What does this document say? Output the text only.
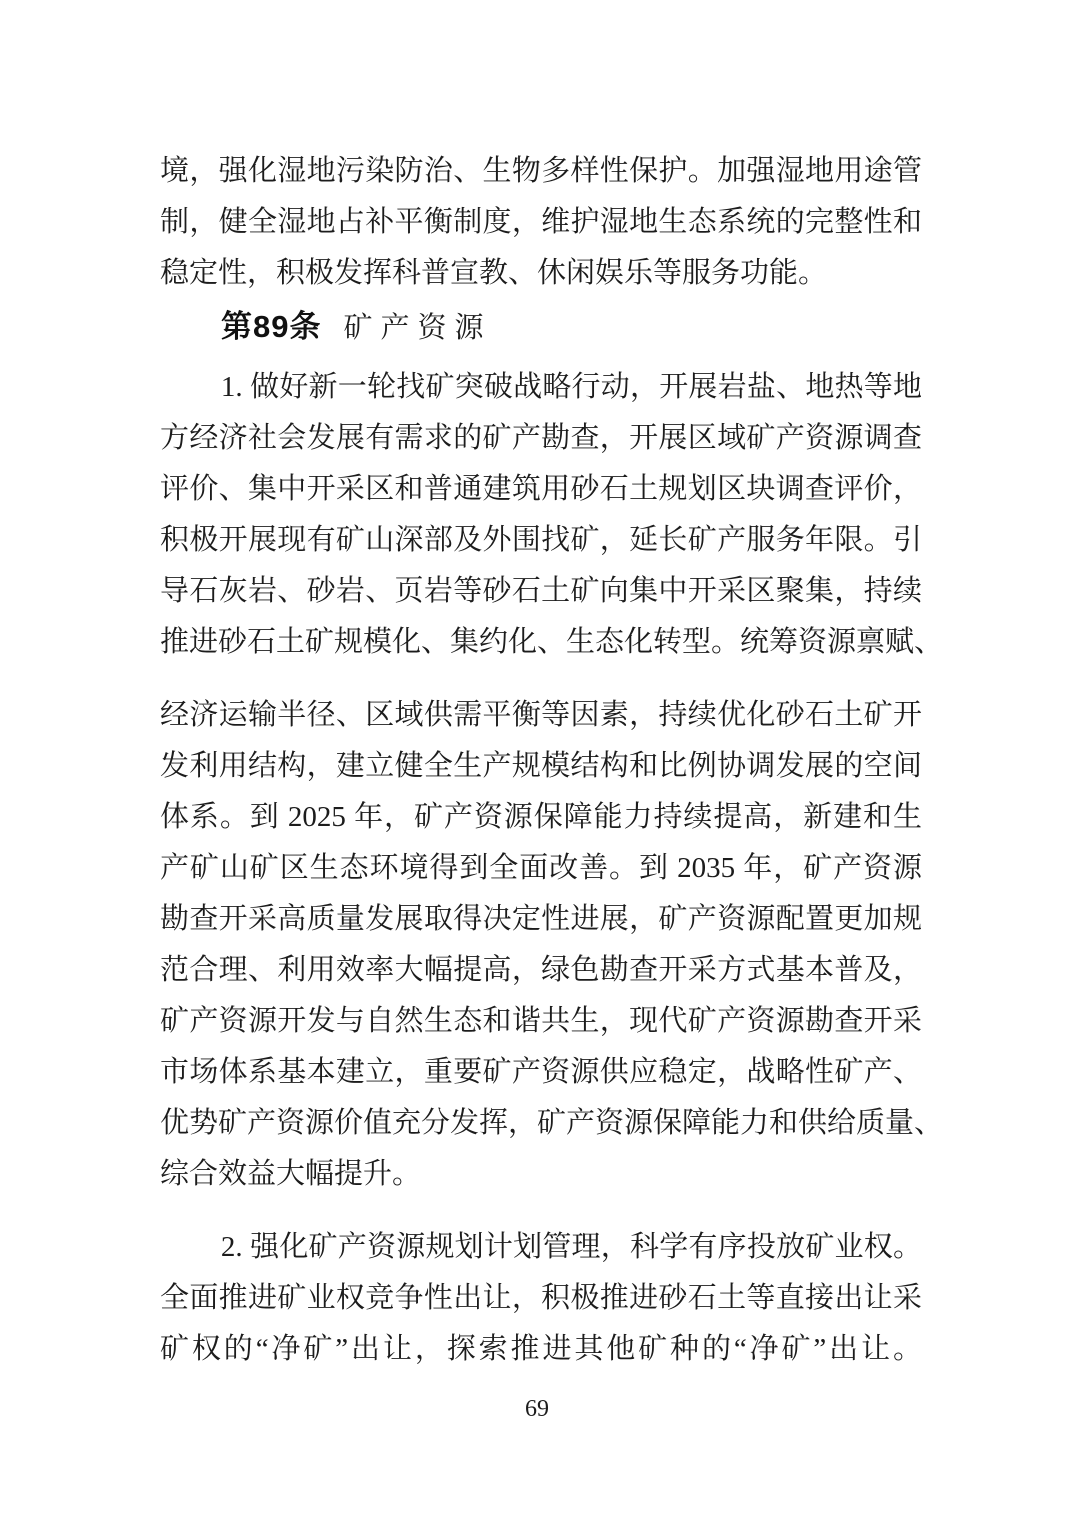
境，强化湿地污染防治、生物多样性保护。加强湿地用途管
制，健全湿地占补平衡制度，维护湿地生态系统的完整性和
稳定性，积极发挥科普宣教、休闲娱乐等服务功能。
第89条 矿产资源
1. 做好新一轮找矿突破战略行动，开展岩盐、地热等地
方经济社会发展有需求的矿产勘查，开展区域矿产资源调查
评价、集中开采区和普通建筑用砂石土规划区块调查评价，
积极开展现有矿山深部及外围找矿，延长矿产服务年限。引
导石灰岩、砂岩、页岩等砂石土矿向集中开采区聚集，持续
推进砂石土矿规模化、集约化、生态化转型。统筹资源禀赋、
经济运输半径、区域供需平衡等因素，持续优化砂石土矿开
发利用结构，建立健全生产规模结构和比例协调发展的空间
体系。到 2025 年，矿产资源保障能力持续提高，新建和生
产矿山矿区生态环境得到全面改善。到 2035 年，矿产资源
勘查开采高质量发展取得决定性进展，矿产资源配置更加规
范合理、利用效率大幅提高，绿色勘查开采方式基本普及，
矿产资源开发与自然生态和谐共生，现代矿产资源勘查开采
市场体系基本建立，重要矿产资源供应稳定，战略性矿产、
优势矿产资源价值充分发挥，矿产资源保障能力和供给质量、
综合效益大幅提升。
2. 强化矿产资源规划计划管理，科学有序投放矿业权。
全面推进矿业权竞争性出让，积极推进砂石土等直接出让采
矿权的“净矿”出让，探索推进其他矿种的“净矿”出让。
69
